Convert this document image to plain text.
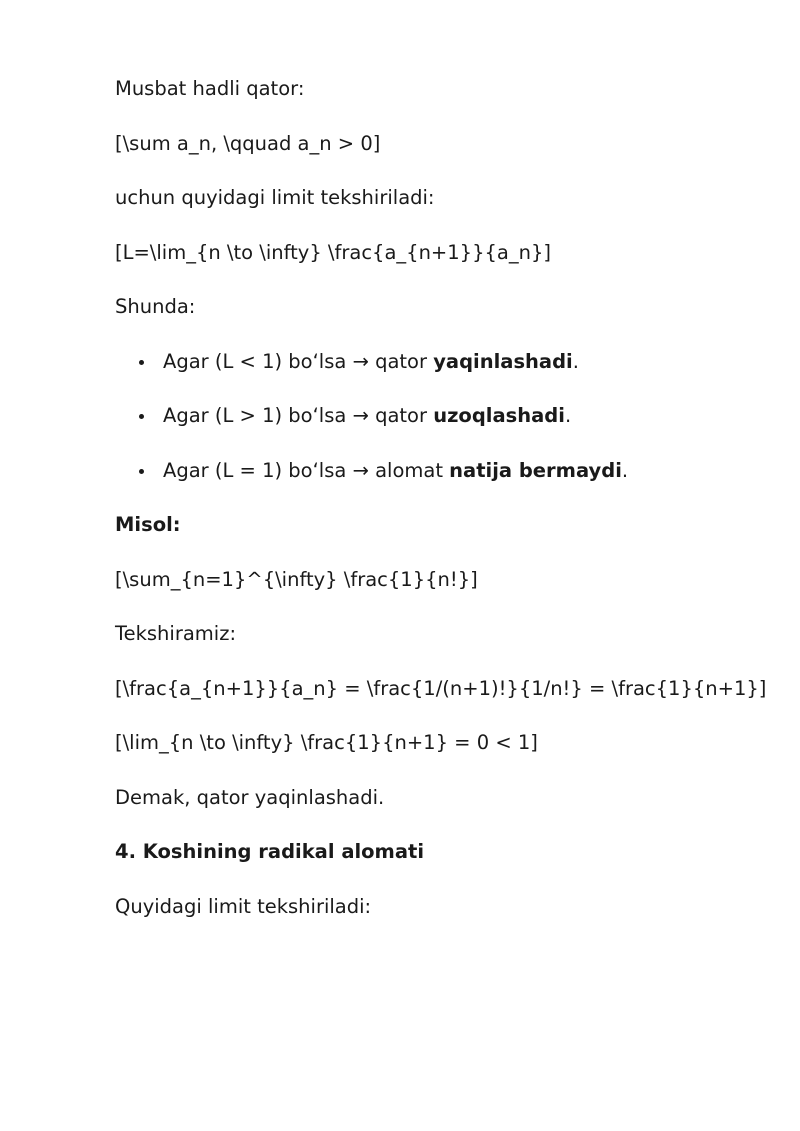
Musbat hadli qator:
[\sum a_n, \qquad a_n > 0]
uchun quyidagi limit tekshiriladi:
[L=\lim_{n \to \infty} \frac{a_{n+1}}{a_n}]
Shunda:
Agar (L < 1) bo‘lsa → qator yaqinlashadi.
Agar (L > 1) bo‘lsa → qator uzoqlashadi.
Agar (L = 1) bo‘lsa → alomat natija bermaydi.
Misol:
[\sum_{n=1}^{\infty} \frac{1}{n!}]
Tekshiramiz:
[\frac{a_{n+1}}{a_n} = \frac{1/(n+1)!}{1/n!} = \frac{1}{n+1}]
[\lim_{n \to \infty} \frac{1}{n+1} = 0 < 1]
Demak, qator yaqinlashadi.
4. Koshining radikal alomati
Quyidagi limit tekshiriladi:
